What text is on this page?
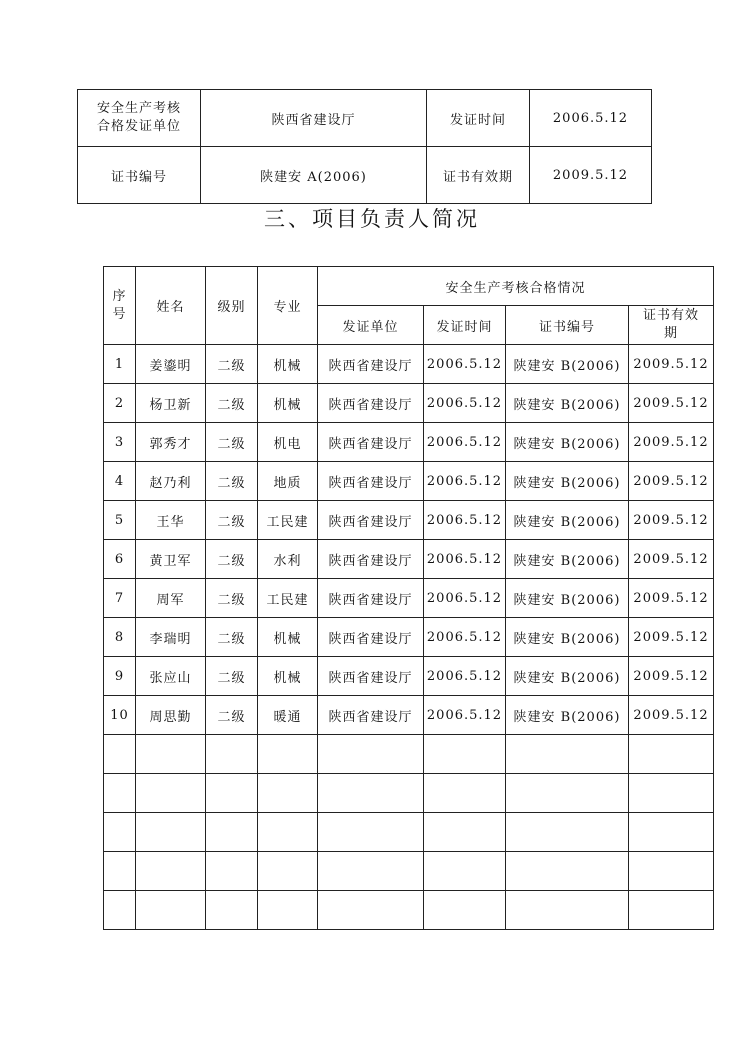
安全生产考核
合格发证单位	陕西省建设厅	发证时间	2006.5.12
证书编号	陕建安 A(2006)	证书有效期	2009.5.12
三、项目负责人简况
序
号	姓名	级别	专业	安全生产考核合格情况			
				发证单位	发证时间	证书编号	证书有效
期
1	姜鎏明	二级	机械	陕西省建设厅	2006.5.12	陕建安 B(2006)	2009.5.12
2	杨卫新	二级	机械	陕西省建设厅	2006.5.12	陕建安 B(2006)	2009.5.12
3	郭秀才	二级	机电	陕西省建设厅	2006.5.12	陕建安 B(2006)	2009.5.12
4	赵乃利	二级	地质	陕西省建设厅	2006.5.12	陕建安 B(2006)	2009.5.12
5	王华	二级	工民建	陕西省建设厅	2006.5.12	陕建安 B(2006)	2009.5.12
6	黄卫军	二级	水利	陕西省建设厅	2006.5.12	陕建安 B(2006)	2009.5.12
7	周军	二级	工民建	陕西省建设厅	2006.5.12	陕建安 B(2006)	2009.5.12
8	李瑞明	二级	机械	陕西省建设厅	2006.5.12	陕建安 B(2006)	2009.5.12
9	张应山	二级	机械	陕西省建设厅	2006.5.12	陕建安 B(2006)	2009.5.12
10	周思勤	二级	暖通	陕西省建设厅	2006.5.12	陕建安 B(2006)	2009.5.12
